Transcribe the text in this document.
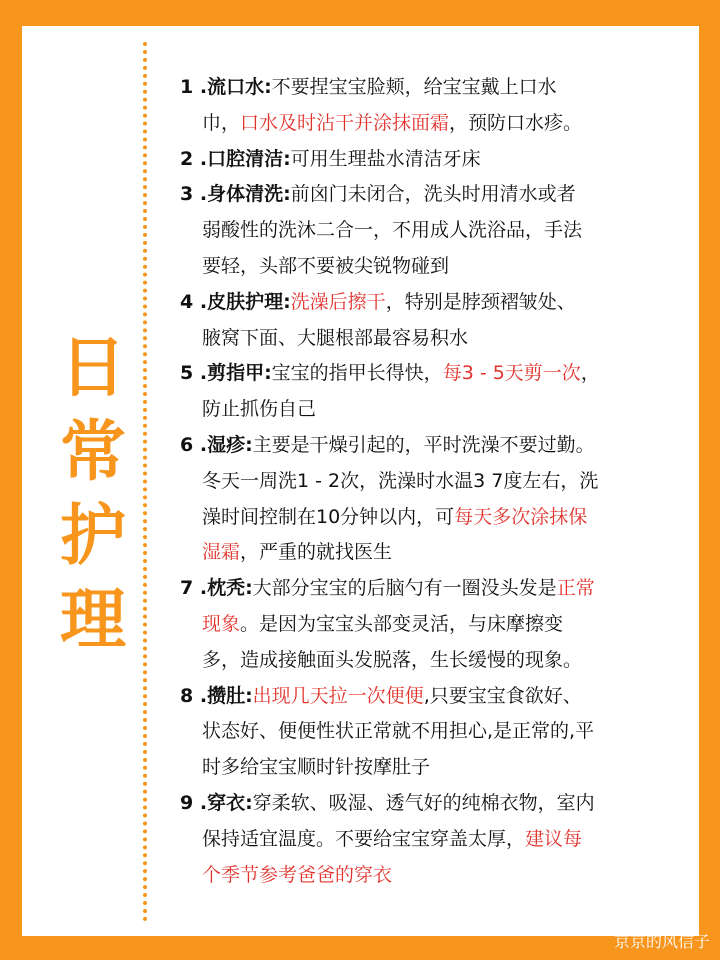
日
常
护
理

1 .流口水:不要捏宝宝脸颊，给宝宝戴上口水

巾，口水及时沾干并涂抹面霜，预防口水疹。

2 .口腔清洁:可用生理盐水清洁牙床

3 .身体清洗:前囟门未闭合，洗头时用清水或者

弱酸性的洗沐二合一，不用成人洗浴品，手法

要轻，头部不要被尖锐物碰到

4 .皮肤护理:洗澡后擦干，特别是脖颈褶皱处、

腋窝下面、大腿根部最容易积水

5 .剪指甲:宝宝的指甲长得快，每3 - 5天剪一次，

防止抓伤自己

6 .湿疹:主要是干燥引起的，平时洗澡不要过勤。

冬天一周洗1 - 2次，洗澡时水温3 7度左右，洗

澡时间控制在10分钟以内，可每天多次涂抹保

湿霜，严重的就找医生

7 .枕秃:大部分宝宝的后脑勺有一圈没头发是正常

现象。是因为宝宝头部变灵活，与床摩擦变

多，造成接触面头发脱落，生长缓慢的现象。

8 .攒肚:出现几天拉一次便便,只要宝宝食欲好、

状态好、便便性状正常就不用担心,是正常的,平

时多给宝宝顺时针按摩肚子

9 .穿衣:穿柔软、吸湿、透气好的纯棉衣物，室内

保持适宜温度。不要给宝宝穿盖太厚，建议每

个季节参考爸爸的穿衣

京京的风信子
